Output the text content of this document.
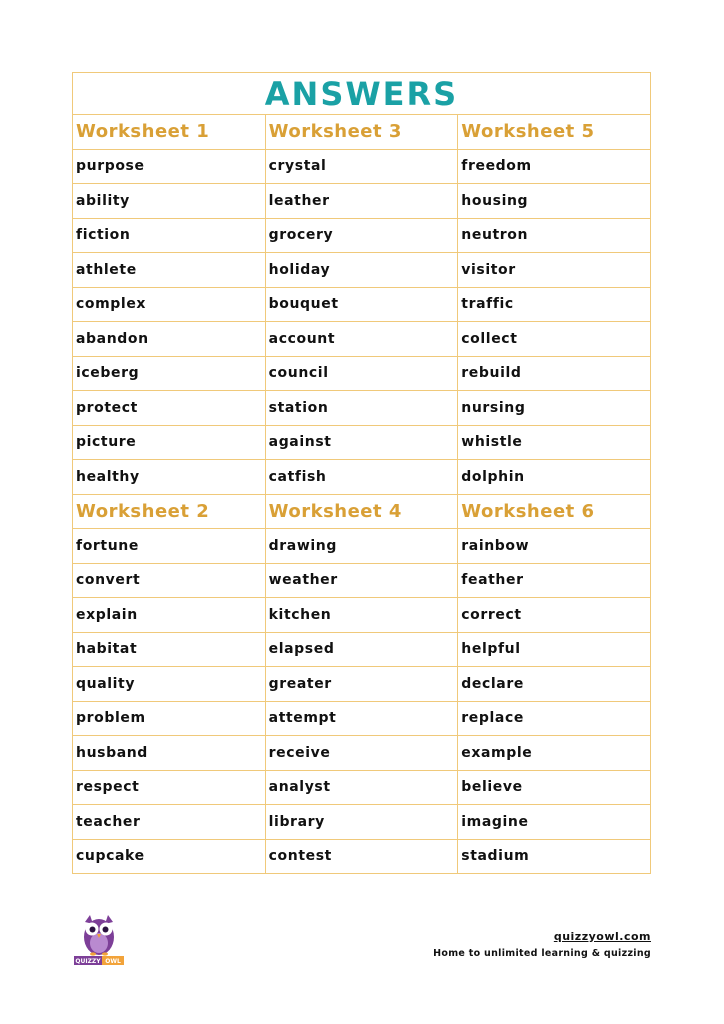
ANSWERS		
Worksheet 1	Worksheet 3	Worksheet 5
purpose	crystal	freedom
ability	leather	housing
fiction	grocery	neutron
athlete	holiday	visitor
complex	bouquet	traffic
abandon	account	collect
iceberg	council	rebuild
protect	station	nursing
picture	against	whistle
healthy	catfish	dolphin
Worksheet 2	Worksheet 4	Worksheet 6
fortune	drawing	rainbow
convert	weather	feather
explain	kitchen	correct
habitat	elapsed	helpful
quality	greater	declare
problem	attempt	replace
husband	receive	example
respect	analyst	believe
teacher	library	imagine
cupcake	contest	stadium
QUIZZY OWL
quizzyowl.com
Home to unlimited learning & quizzing
